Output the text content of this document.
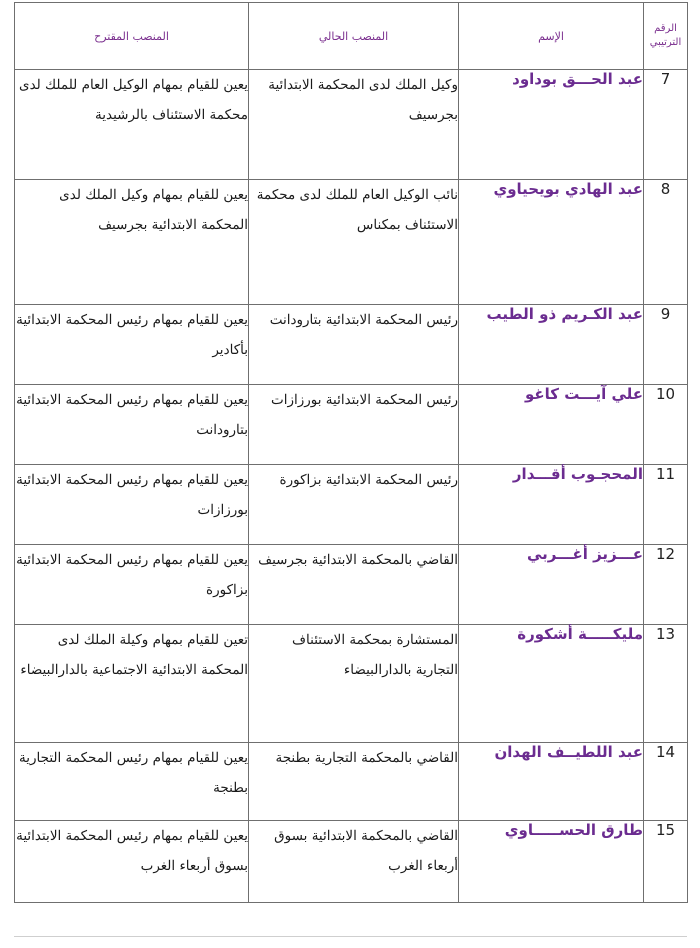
الرقم الترتيبي	الإسم	المنصب الحالي	المنصب المقترح
7	عبد الحـــق بوداود	وكيل الملك لدى المحكمة الابتدائية بجرسيف	يعين للقيام بمهام الوكيل العام للملك لدى محكمة الاستئناف بالرشيدية
8	عبد الهادي بويحياوي	نائب الوكيل العام للملك لدى محكمة الاستئناف بمكناس	يعين للقيام بمهام وكيل الملك لدى المحكمة الابتدائية بجرسيف
9	عبد الكـريم ذو الطيب	رئيس المحكمة الابتدائية بتارودانت	يعين للقيام بمهام رئيس المحكمة الابتدائية بأكادير
10	علي آيـــت كاغو	رئيس المحكمة الابتدائية بورزازات	يعين للقيام بمهام رئيس المحكمة الابتدائية بتارودانت
11	المحجـوب أقـــدار	رئيس المحكمة الابتدائية بزاكورة	يعين للقيام بمهام رئيس المحكمة الابتدائية بورزازات
12	عـــزيز أغـــربي	القاضي بالمحكمة الابتدائية بجرسيف	يعين للقيام بمهام رئيس المحكمة الابتدائية بزاكورة
13	مليكـــــة أشكورة	المستشارة بمحكمة الاستئناف التجارية بالدارالبيضاء	تعين للقيام بمهام وكيلة الملك لدى المحكمة الابتدائية الاجتماعية بالدارالبيضاء
14	عبد اللطيــف الهدان	القاضي بالمحكمة التجارية بطنجة	يعين للقيام بمهام رئيس المحكمة التجارية بطنجة
15	طارق الحســـــاوي	القاضي بالمحكمة الابتدائية بسوق أربعاء الغرب	يعين للقيام بمهام رئيس المحكمة الابتدائية بسوق أربعاء الغرب
